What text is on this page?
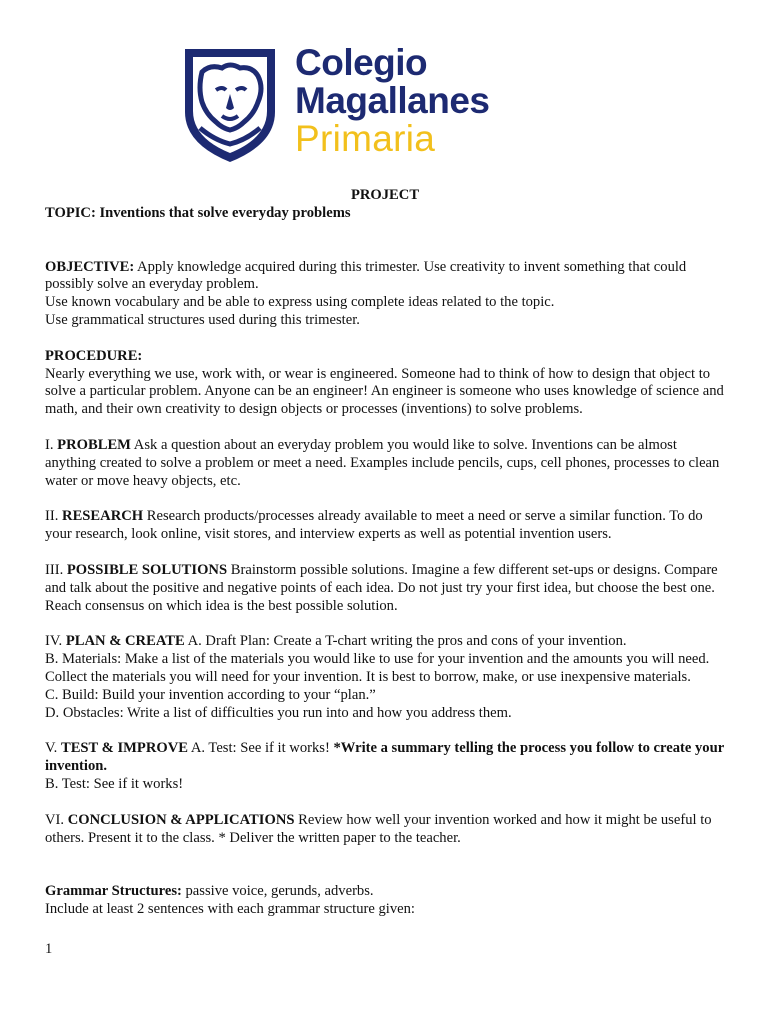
Colegio
Magallanes
Primaria

PROJECT

TOPIC: Inventions that solve everyday problems

OBJECTIVE: Apply knowledge acquired during this trimester. Use creativity to invent something that could possibly solve an everyday problem.

Use known vocabulary and be able to express using complete ideas related to the topic.

Use grammatical structures used during this trimester.

PROCEDURE:

Nearly everything we use, work with, or wear is engineered. Someone had to think of how to design that object to solve a particular problem. Anyone can be an engineer! An engineer is someone who uses knowledge of science and math, and their own creativity to design objects or processes (inventions) to solve problems.

I. PROBLEM Ask a question about an everyday problem you would like to solve. Inventions can be almost anything created to solve a problem or meet a need. Examples include pencils, cups, cell phones, processes to clean water or move heavy objects, etc.

II. RESEARCH Research products/processes already available to meet a need or serve a similar function. To do your research, look online, visit stores, and interview experts as well as potential invention users.

III. POSSIBLE SOLUTIONS Brainstorm possible solutions. Imagine a few different set-ups or designs. Compare and talk about the positive and negative points of each idea. Do not just try your first idea, but choose the best one. Reach consensus on which idea is the best possible solution.

IV. PLAN & CREATE A. Draft Plan: Create a T-chart writing the pros and cons of your invention.

B. Materials: Make a list of the materials you would like to use for your invention and the amounts you will need. Collect the materials you will need for your invention. It is best to borrow, make, or use inexpensive materials.

C. Build: Build your invention according to your “plan.”

D. Obstacles: Write a list of difficulties you run into and how you address them.

V. TEST & IMPROVE A. Test: See if it works! *Write a summary telling the process you follow to create your invention.

B. Test: See if it works!

VI. CONCLUSION & APPLICATIONS Review how well your invention worked and how it might be useful to others. Present it to the class. * Deliver the written paper to the teacher.

Grammar Structures: passive voice, gerunds, adverbs.

Include at least 2 sentences with each grammar structure given:

1
